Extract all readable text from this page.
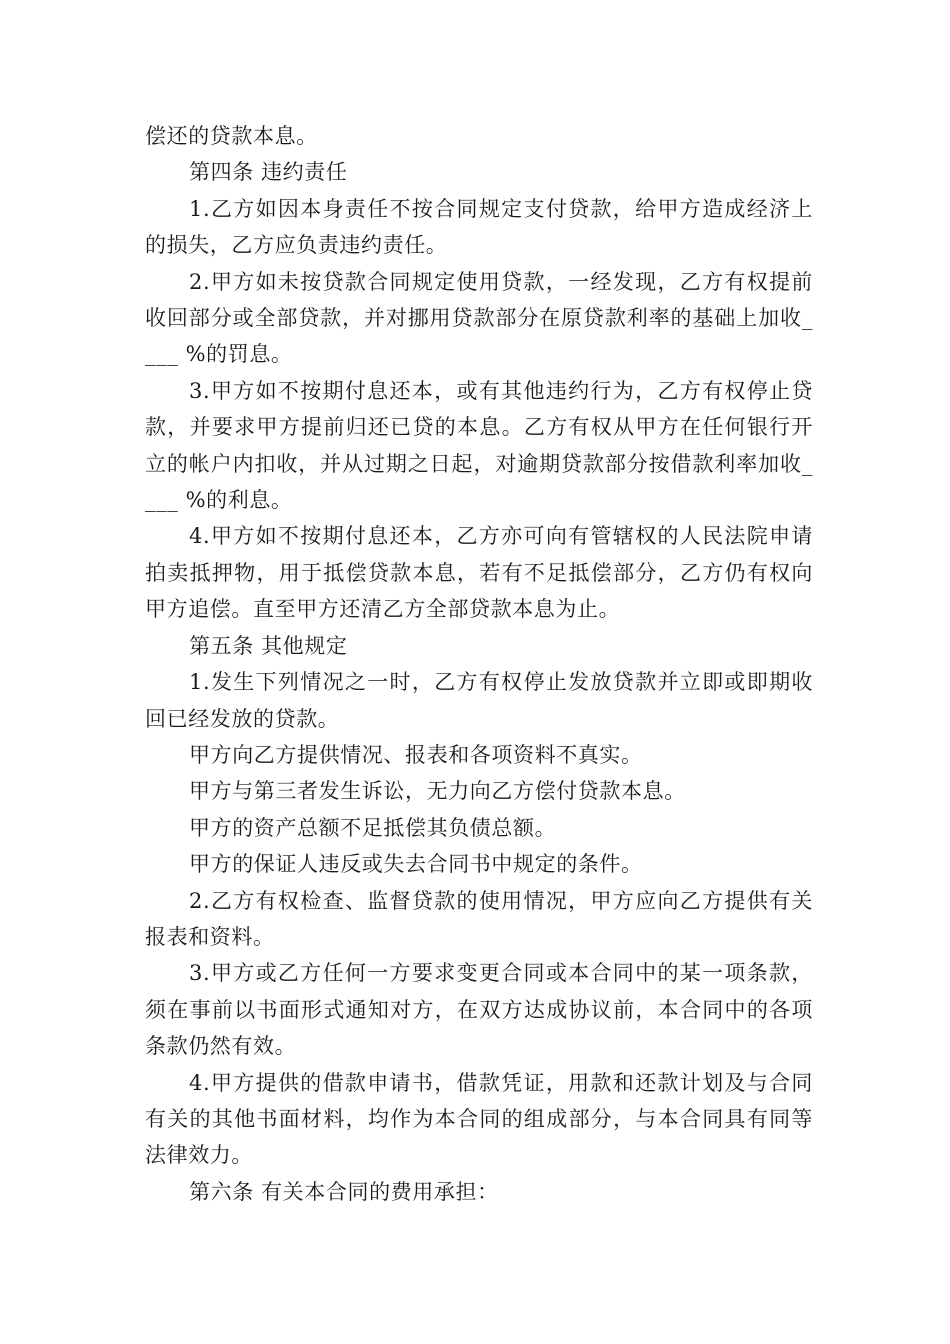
偿还的贷款本息。

第四条 违约责任

1.乙方如因本身责任不按合同规定支付贷款，给甲方造成经济上的损失，乙方应负责违约责任。

2.甲方如未按贷款合同规定使用贷款，一经发现，乙方有权提前收回部分或全部贷款，并对挪用贷款部分在原贷款利率的基础上加收____ %的罚息。

3.甲方如不按期付息还本，或有其他违约行为，乙方有权停止贷款，并要求甲方提前归还已贷的本息。乙方有权从甲方在任何银行开立的帐户内扣收，并从过期之日起，对逾期贷款部分按借款利率加收____ %的利息。

4.甲方如不按期付息还本，乙方亦可向有管辖权的人民法院申请拍卖抵押物，用于抵偿贷款本息，若有不足抵偿部分，乙方仍有权向甲方追偿。直至甲方还清乙方全部贷款本息为止。

第五条 其他规定

1.发生下列情况之一时，乙方有权停止发放贷款并立即或即期收回已经发放的贷款。

甲方向乙方提供情况、报表和各项资料不真实。

甲方与第三者发生诉讼，无力向乙方偿付贷款本息。

甲方的资产总额不足抵偿其负债总额。

甲方的保证人违反或失去合同书中规定的条件。

2.乙方有权检查、监督贷款的使用情况，甲方应向乙方提供有关报表和资料。

3.甲方或乙方任何一方要求变更合同或本合同中的某一项条款，须在事前以书面形式通知对方，在双方达成协议前，本合同中的各项条款仍然有效。

4.甲方提供的借款申请书，借款凭证，用款和还款计划及与合同有关的其他书面材料，均作为本合同的组成部分，与本合同具有同等法律效力。

第六条 有关本合同的费用承担：
